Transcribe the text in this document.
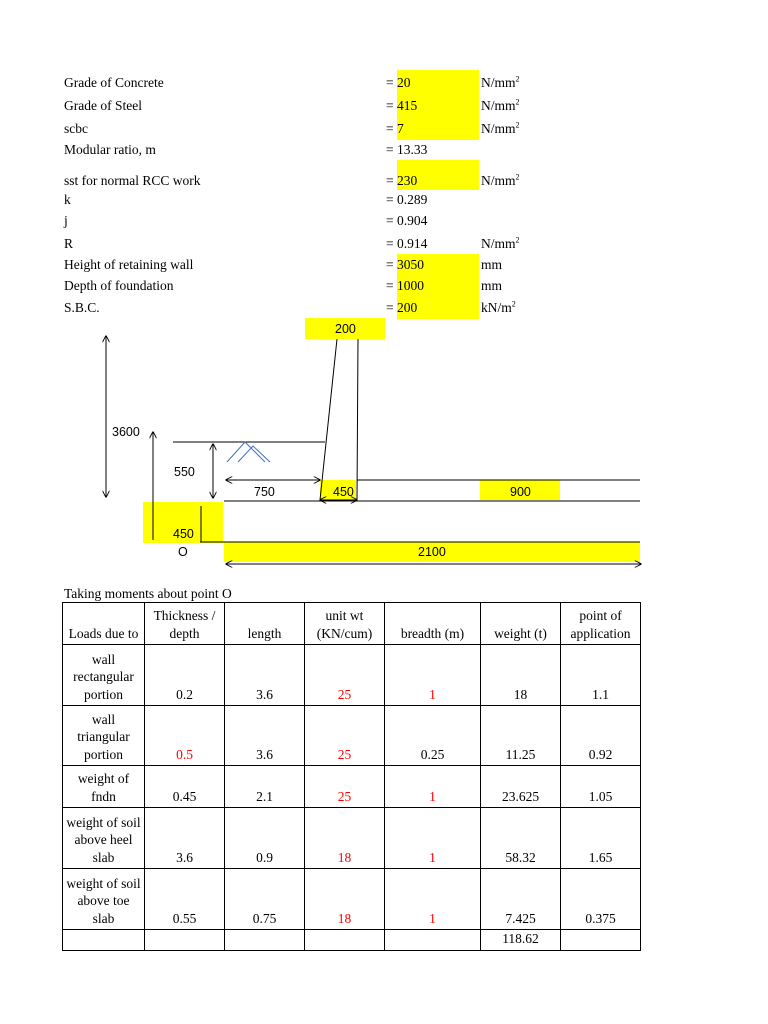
Grade of Concrete	= 20	$N/mm^2$
Grade of Steel	= 415	$N/mm^2$
scbc	= 7	$N/mm^2$
Modular ratio, m	= 13.33
sst for normal RCC work	= 230	$N/mm^2$
k	= 0.289
j	= 0.904
R	= 0.914	$N/mm^2$
Height of retaining wall	= 3050	mm
Depth of foundation	= 1000	mm
S.B.C.	= 200	$kN/m^2$
200
3600
550
750	450	900
450
O	2100
Taking moments about point O
Loads due to	Thickness / depth	length	unit wt (KN/cum)	breadth (m)	weight (t)	point of application
wall rectangular portion	0.2	3.6	25	1	18	1.1
wall triangular portion	0.5	3.6	25	0.25	11.25	0.92
weight of fndn	0.45	2.1	25	1	23.625	1.05
weight of soil above heel slab	3.6	0.9	18	1	58.32	1.65
weight of soil above toe slab	0.55	0.75	18	1	7.425	0.375
					118.62	
